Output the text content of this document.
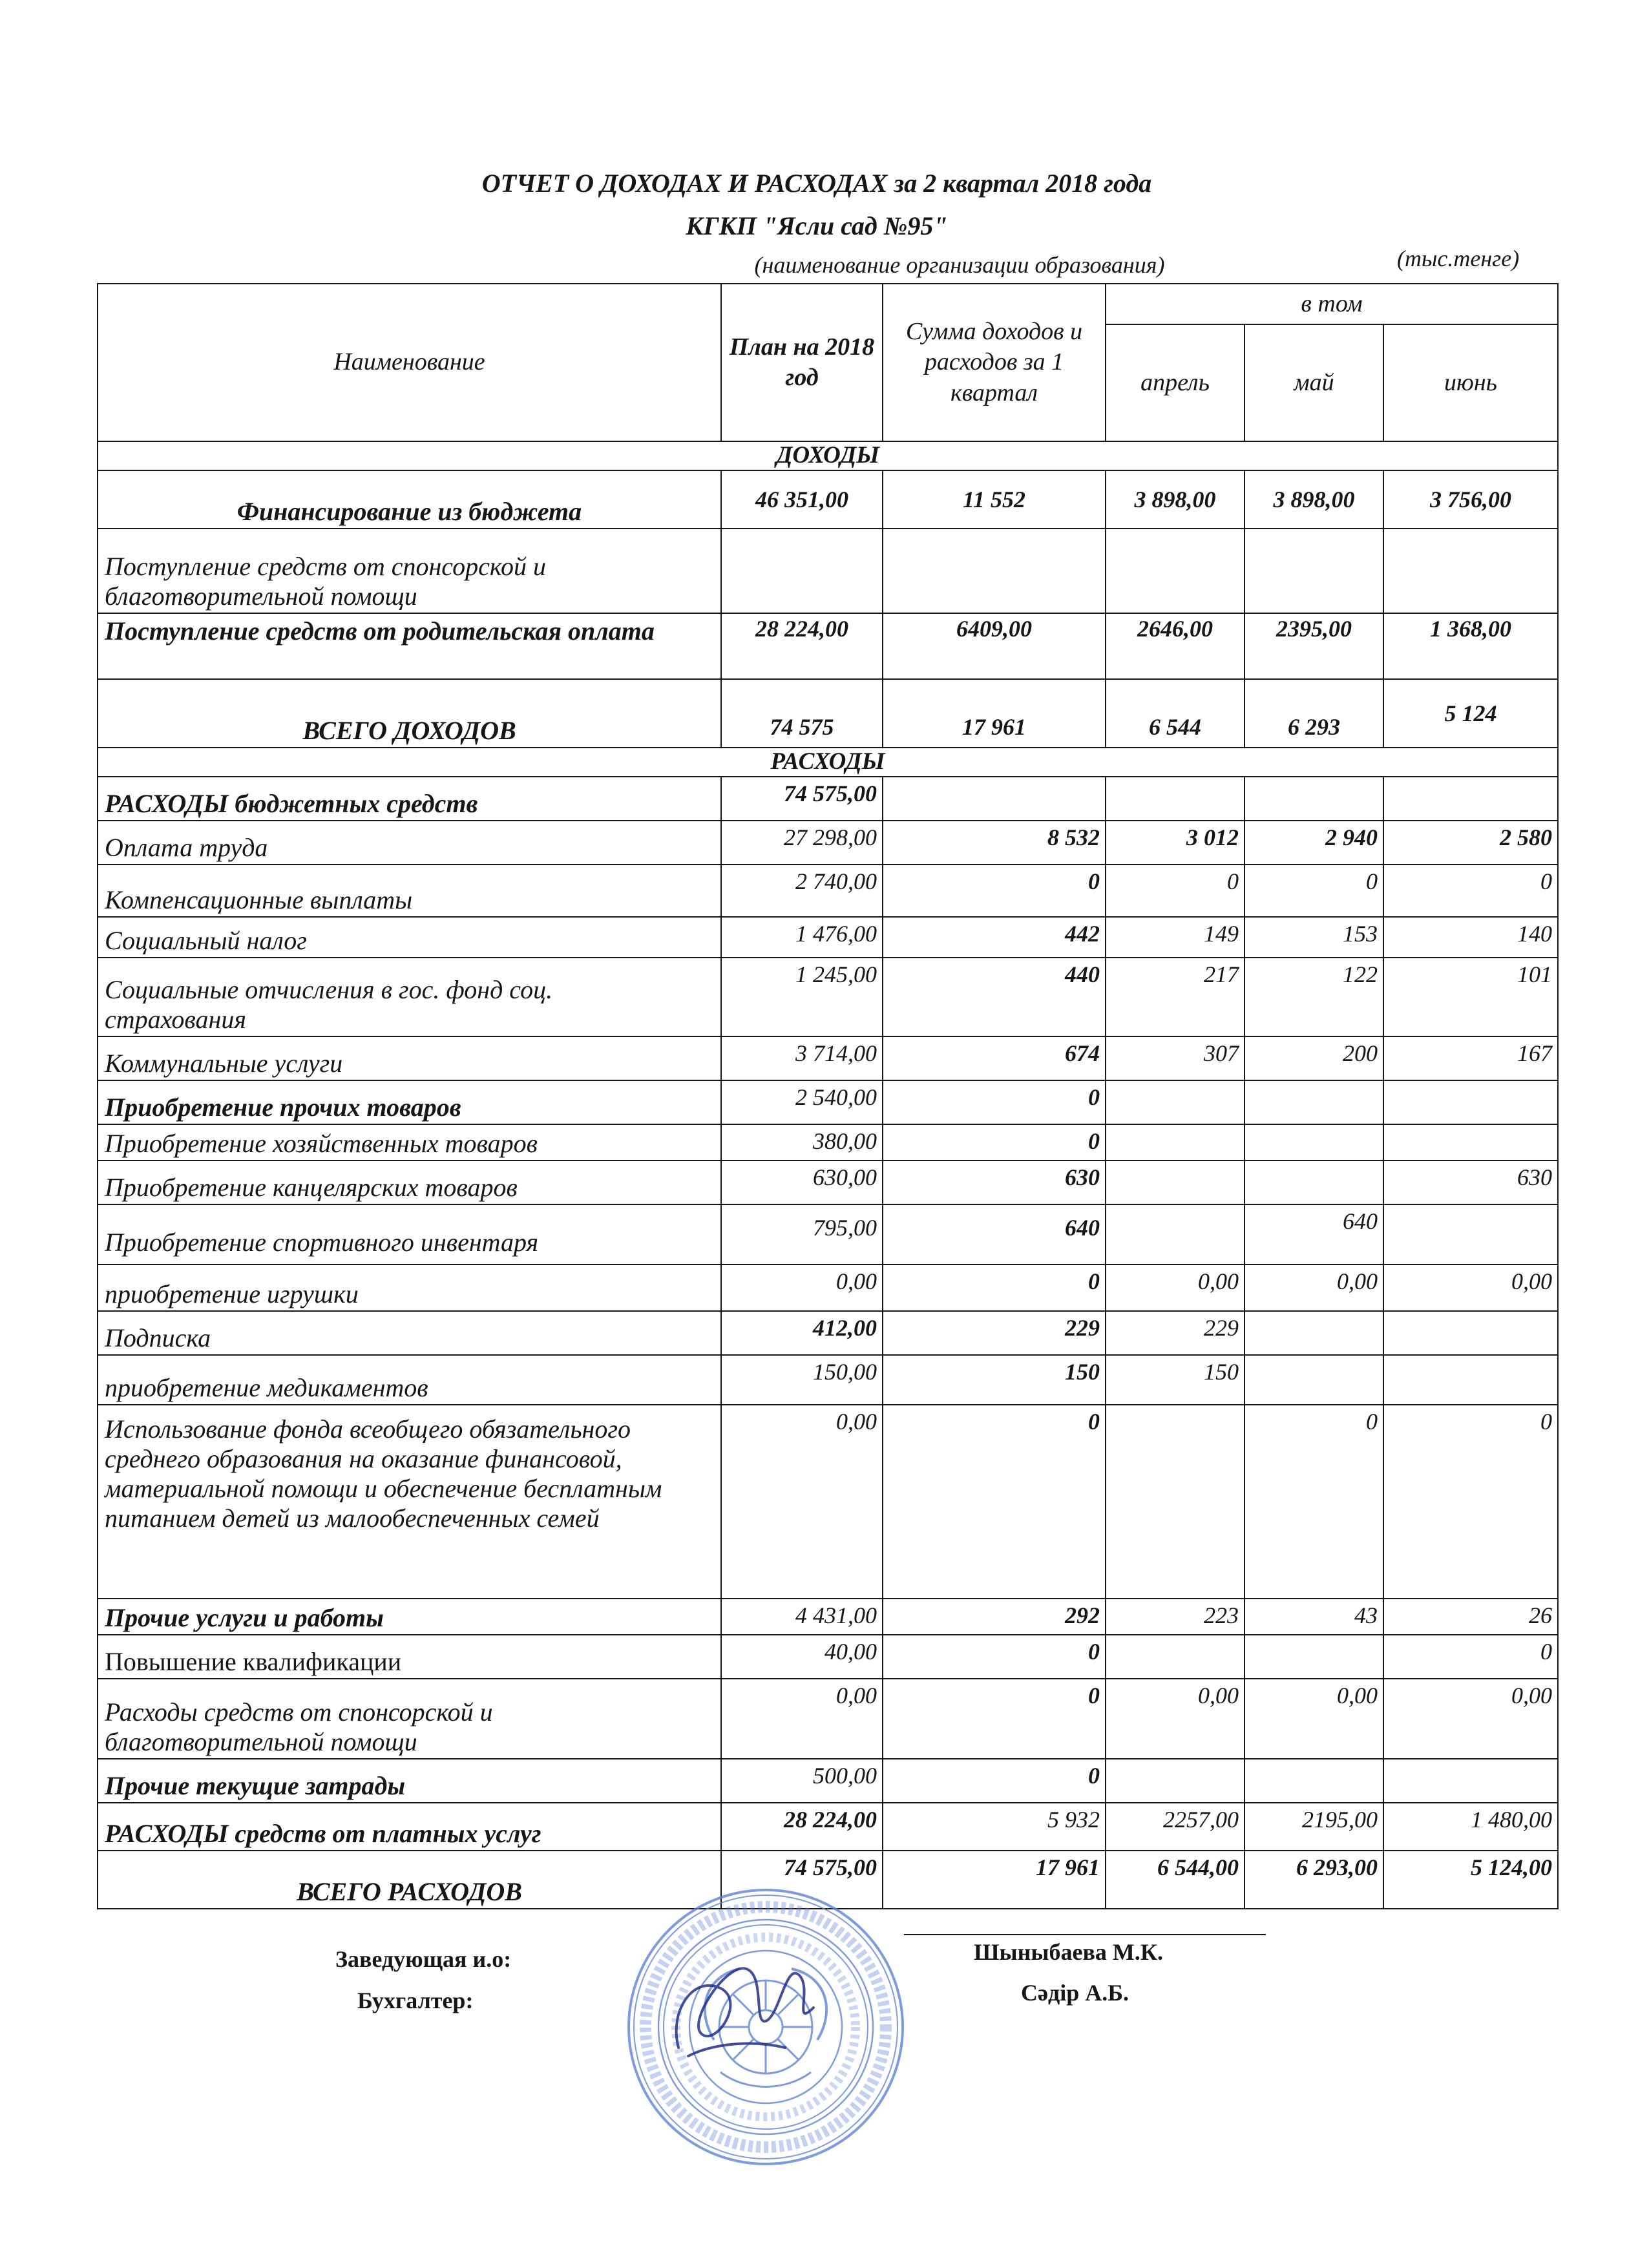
ОТЧЕТ О ДОХОДАХ И РАСХОДАХ за 2 квартал 2018 года
КГКП "Ясли сад №95"
(наименование организации образования)	(тыс.тенге)
Наименование	План на 2018 год	Сумма доходов и расходов за 1 квартал	в том		
			апрель	май	июнь
ДОХОДЫ					
Финансирование из бюджета	46 351,00	11 552	3 898,00	3 898,00	3 756,00
Поступление средств от спонсорской и благотворительной помощи					
Поступление средств от родительская оплата	28 224,00	6409,00	2646,00	2395,00	1 368,00
ВСЕГО ДОХОДОВ	74 575	17 961	6 544	6 293	5 124
РАСХОДЫ					
РАСХОДЫ бюджетных средств	74 575,00				
Оплата труда	27 298,00	8 532	3 012	2 940	2 580
Компенсационные выплаты	2 740,00	0	0	0	0
Социальный налог	1 476,00	442	149	153	140
Социальные отчисления в гос. фонд соц. страхования	1 245,00	440	217	122	101
Коммунальные услуги	3 714,00	674	307	200	167
Приобретение прочих товаров	2 540,00	0			
Приобретение хозяйственных товаров	380,00	0			
Приобретение канцелярских товаров	630,00	630			630
Приобретение спортивного инвентаря	795,00	640		640	
приобретение игрушки	0,00	0	0,00	0,00	0,00
Подписка	412,00	229	229		
приобретение медикаментов	150,00	150	150		
Использование фонда всеобщего обязательного среднего образования на оказание финансовой, материальной помощи и обеспечение бесплатным питанием детей из малообеспеченных семей	0,00	0		0	0
Прочие услуги и работы	4 431,00	292	223	43	26
Повышение квалификации	40,00	0			0
Расходы средств от спонсорской и благотворительной помощи	0,00	0	0,00	0,00	0,00
Прочие текущие затрады	500,00	0			
РАСХОДЫ средств от платных услуг	28 224,00	5 932	2257,00	2195,00	1 480,00
ВСЕГО РАСХОДОВ	74 575,00	17 961	6 544,00	6 293,00	5 124,00
Заведующая и.о:
Бухгалтер:
Шыныбаева М.К.
Сәдір А.Б.
